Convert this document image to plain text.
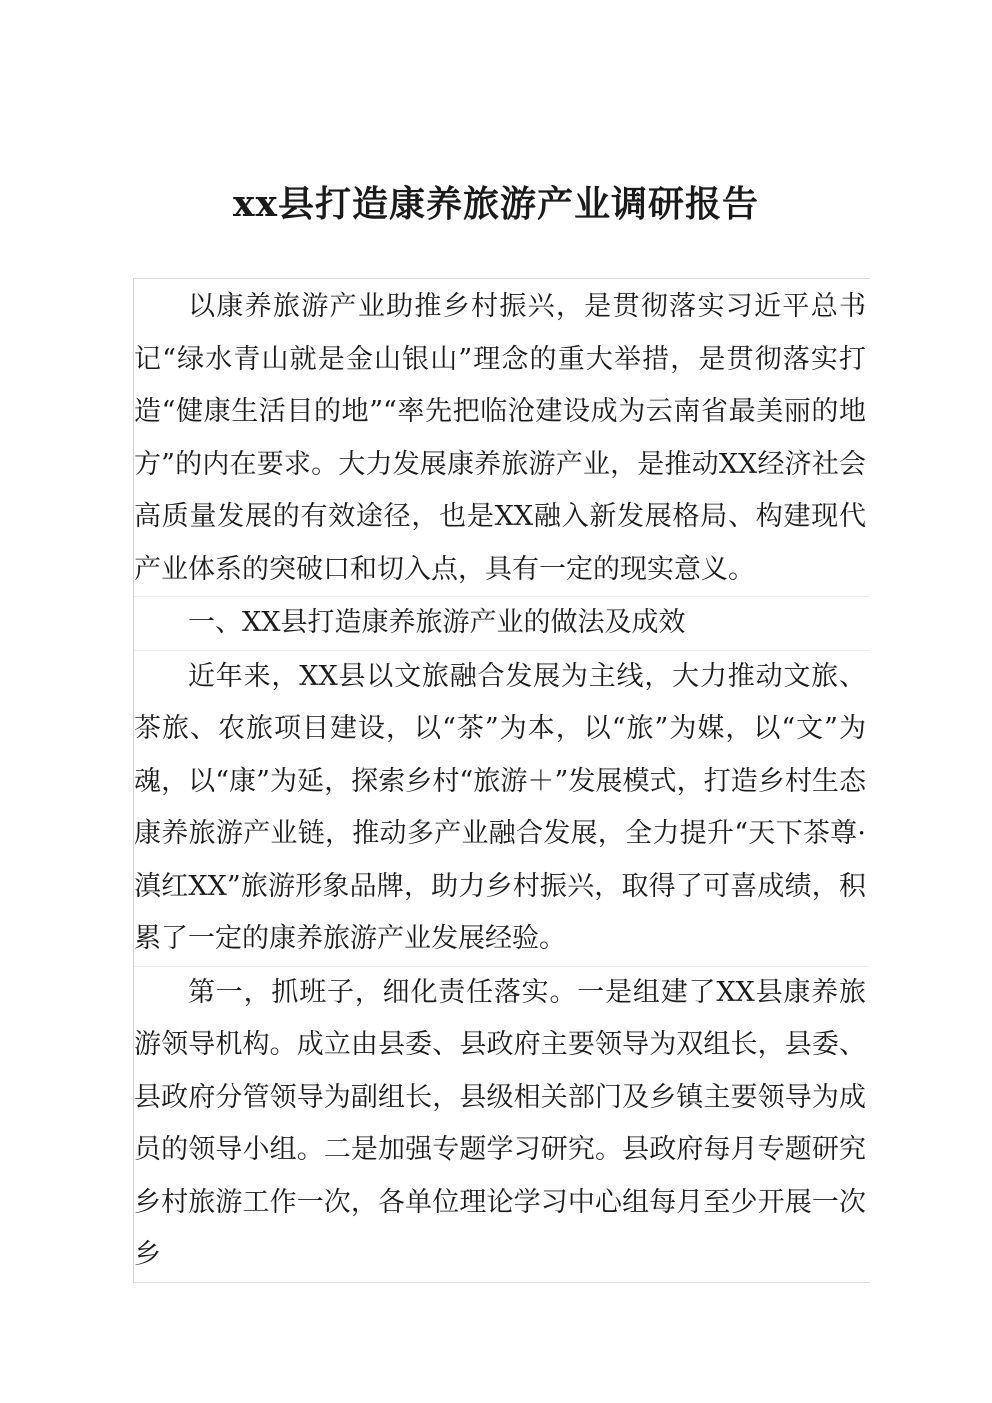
xx县打造康养旅游产业调研报告

以康养旅游产业助推乡村振兴，是贯彻落实习近平总书记“绿水青山就是金山银山”理念的重大举措，是贯彻落实打造“健康生活目的地”“率先把临沧建设成为云南省最美丽的地方”的内在要求。大力发展康养旅游产业，是推动XX经济社会高质量发展的有效途径，也是XX融入新发展格局、构建现代产业体系的突破口和切入点，具有一定的现实意义。

一、XX县打造康养旅游产业的做法及成效

近年来，XX县以文旅融合发展为主线，大力推动文旅、茶旅、农旅项目建设，以“茶”为本，以“旅”为媒，以“文”为魂，以“康”为延，探索乡村“旅游＋”发展模式，打造乡村生态康养旅游产业链，推动多产业融合发展，全力提升“天下茶尊·滇红XX”旅游形象品牌，助力乡村振兴，取得了可喜成绩，积累了一定的康养旅游产业发展经验。

第一，抓班子，细化责任落实。一是组建了XX县康养旅游领导机构。成立由县委、县政府主要领导为双组长，县委、县政府分管领导为副组长，县级相关部门及乡镇主要领导为成员的领导小组。二是加强专题学习研究。县政府每月专题研究乡村旅游工作一次，各单位理论学习中心组每月至少开展一次乡
